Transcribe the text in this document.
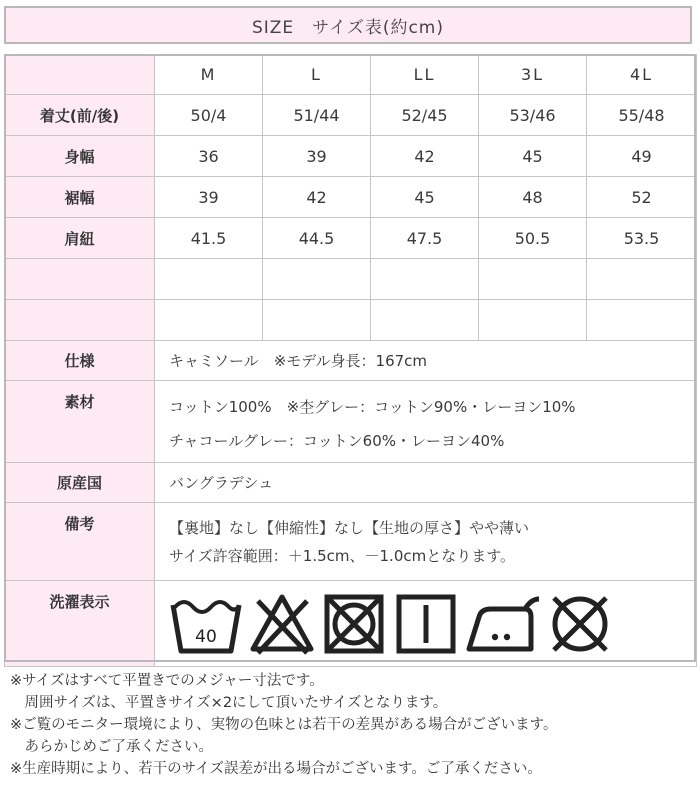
SIZE　サイズ表(約cm)
	M	L	LL	3L	4L
着丈(前/後)	50/4	51/44	52/45	53/46	55/48
身幅	36	39	42	45	49
裾幅	39	42	45	48	52
肩紐	41.5	44.5	47.5	50.5	53.5

仕様	キャミソール　※モデル身長：167cm				
素材	コットン100%　※杢グレー：コットン90%・レーヨン10%
チャコールグレー：コットン60%・レーヨン40%				

原産国	バングラデシュ				
備考	【裏地】なし【伸縮性】なし【生地の厚さ】やや薄い
サイズ許容範囲：＋1.5cm、－1.0cmとなります。				

洗濯表示	40				
※サイズはすべて平置きでのメジャー寸法です。
　周囲サイズは、平置きサイズ×2にして頂いたサイズとなります。
※ご覧のモニター環境により、実物の色味とは若干の差異がある場合がございます。
　あらかじめご了承ください。
※生産時期により、若干のサイズ誤差が出る場合がございます。ご了承ください。
